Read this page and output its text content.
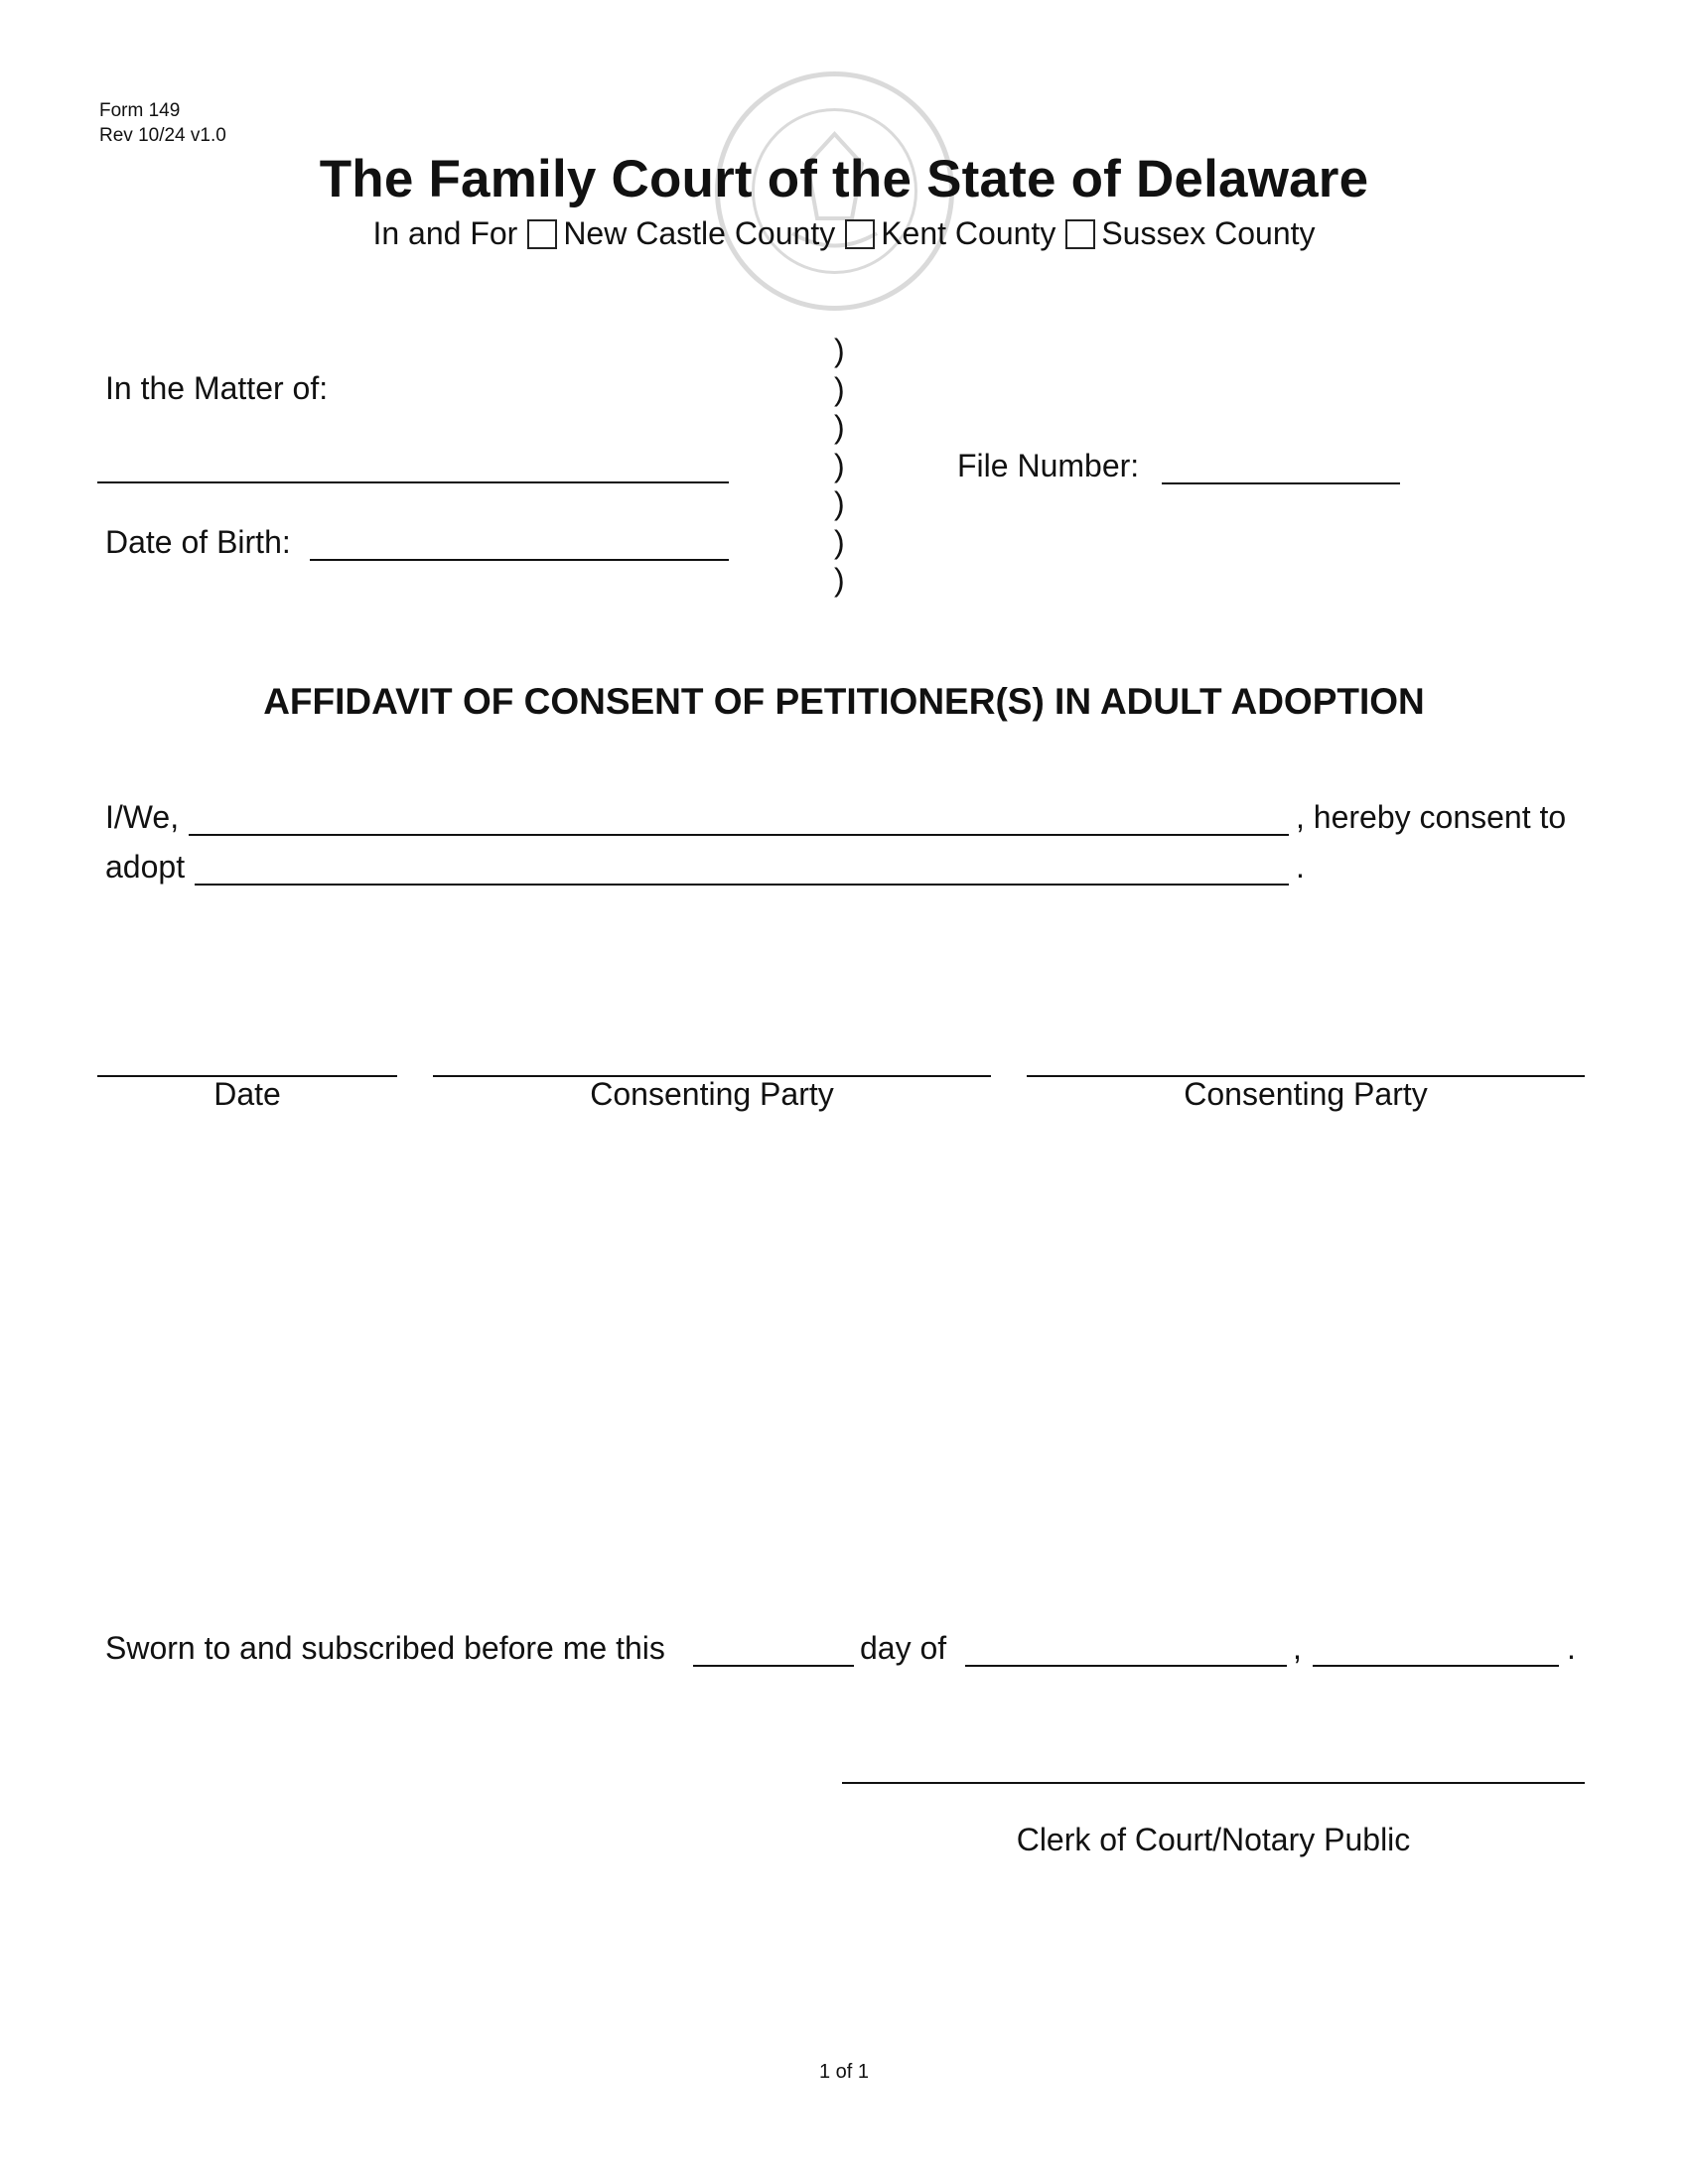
Form 149
Rev 10/24 v1.0
The Family Court of the State of Delaware
In and For New Castle County Kent County Sussex County
In the Matter of:
Date of Birth:
)
)
)
)
)
)
)
File Number:
AFFIDAVIT OF CONSENT OF PETITIONER(S) IN ADULT ADOPTION
I/We,	, hereby consent to
adopt	.
Date	Consenting Party	Consenting Party
Sworn to and subscribed before me this	day of	,	.
Clerk of Court/Notary Public
1 of 1
